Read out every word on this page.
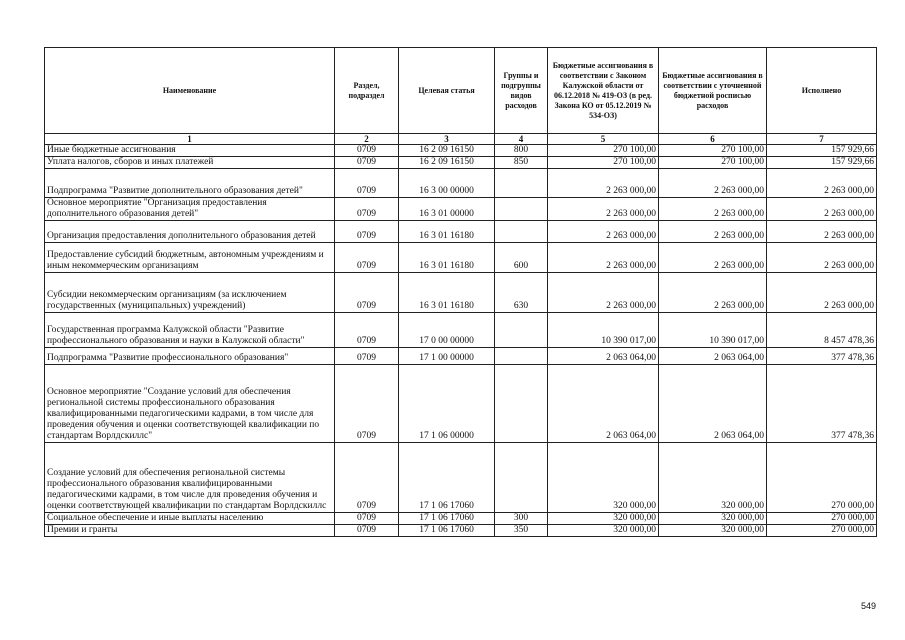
Наименование	Раздел, подраздел	Целевая статья	Группы и подгруппы видов расходов	Бюджетные ассигнования в соответствии с Законом Калужской области от 06.12.2018 № 419-ОЗ (в ред. Закона КО от 05.12.2019 № 534-ОЗ)	Бюджетные ассигнования в соответствии с уточненной бюджетной росписью расходов	Исполнено
1	2	3	4	5	6	7
Иные бюджетные ассигнования	0709	16 2 09 16150	800	270 100,00	270 100,00	157 929,66
Уплата налогов, сборов и иных платежей	0709	16 2 09 16150	850	270 100,00	270 100,00	157 929,66
Подпрограмма "Развитие дополнительного образования детей"	0709	16 3 00 00000		2 263 000,00	2 263 000,00	2 263 000,00
Основное мероприятие "Организация предоставления дополнительного образования детей"	0709	16 3 01 00000		2 263 000,00	2 263 000,00	2 263 000,00
Организация предоставления дополнительного образования детей	0709	16 3 01 16180		2 263 000,00	2 263 000,00	2 263 000,00
Предоставление субсидий бюджетным, автономным учреждениям и иным некоммерческим организациям	0709	16 3 01 16180	600	2 263 000,00	2 263 000,00	2 263 000,00
Субсидии некоммерческим организациям (за исключением государственных (муниципальных) учреждений)	0709	16 3 01 16180	630	2 263 000,00	2 263 000,00	2 263 000,00
Государственная программа Калужской области "Развитие профессионального образования и науки в Калужской области"	0709	17 0 00 00000		10 390 017,00	10 390 017,00	8 457 478,36
Подпрограмма "Развитие профессионального образования"	0709	17 1 00 00000		2 063 064,00	2 063 064,00	377 478,36
Основное мероприятие "Создание условий для обеспечения региональной системы профессионального образования квалифицированными педагогическими кадрами, в том числе для проведения обучения и оценки соответствующей квалификации по стандартам Ворлдскиллс"	0709	17 1 06 00000		2 063 064,00	2 063 064,00	377 478,36
Создание условий для обеспечения региональной системы профессионального образования квалифицированными педагогическими кадрами, в том числе для проведения обучения и оценки соответствующей квалификации по стандартам Ворлдскиллс	0709	17 1 06 17060		320 000,00	320 000,00	270 000,00
Социальное обеспечение и иные выплаты населению	0709	17 1 06 17060	300	320 000,00	320 000,00	270 000,00
Премии и гранты	0709	17 1 06 17060	350	320 000,00	320 000,00	270 000,00
549
